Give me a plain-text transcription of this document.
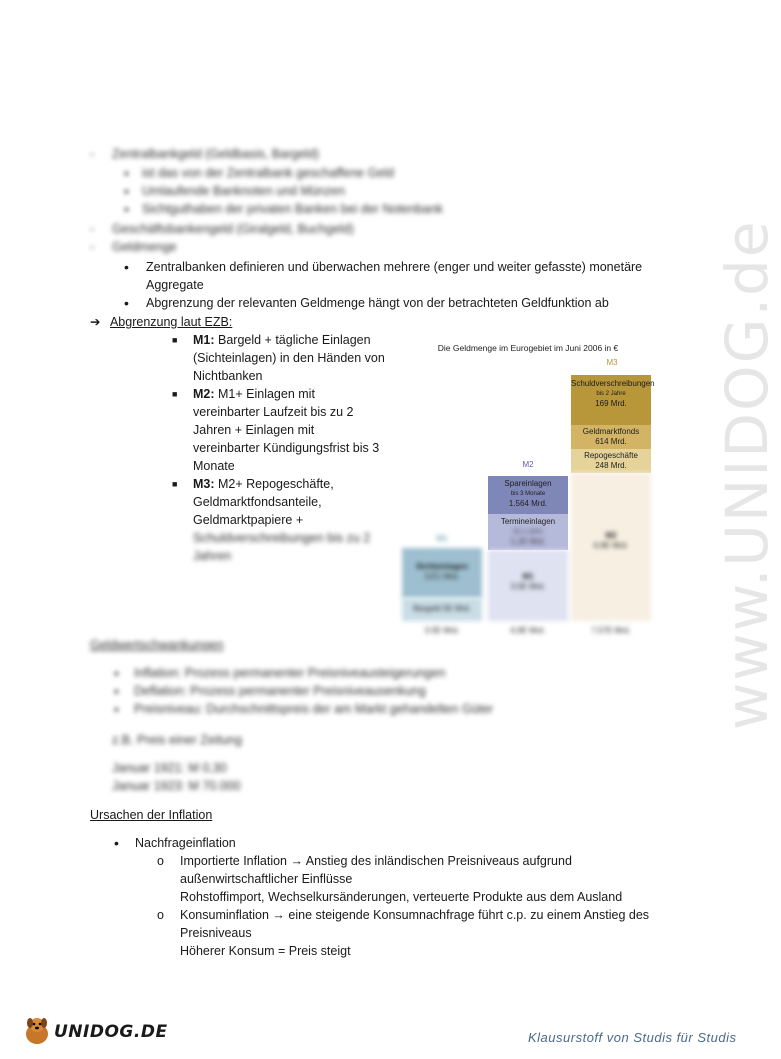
www.UNIDOG.de
- Zentralbankgeld (Geldbasis, Bargeld)
• ist das von der Zentralbank geschaffene Geld
• Umlaufende Banknoten und Münzen
• Sichtguthaben der privaten Banken bei der Notenbank
- Geschäftsbankengeld (Giralgeld, Buchgeld)
- Geldmenge
• Zentralbanken definieren und überwachen mehrere (enger und weiter gefasste) monetäre
Aggregate
• Abgrenzung der relevanten Geldmenge hängt von der betrachteten Geldfunktion ab
➔ Abgrenzung laut EZB:
■ M1: Bargeld + tägliche Einlagen
(Sichteinlagen) in den Händen von
Nichtbanken
■ M2: M1+ Einlagen mit
vereinbarter Laufzeit bis zu 2
Jahren + Einlagen mit
vereinbarter Kündigungsfrist bis 3
Monate
■ M3: M2+ Repogeschäfte,
Geldmarktfondsanteile,
Geldmarktpapiere +
Schuldverschreibungen bis zu 2
Jahren
Die Geldmenge im Eurogebiet im Juni 2006 in €
M3
Schuldverschreibungen
bis 2 Jahre
169 Mrd.
Geldmarktfonds
614 Mrd.
Repogeschäfte
248 Mrd.
M2
6,9E Mrd.
M2
Spareinlagen
bis 3 Monate
1.564 Mrd.
Termineinlagen
bis 2 Jahre
1,1E Mrd.
M1
3,5E Mrd.
M1
Sichteinlagen
3,E1 Mrd.
Bargeld 5E Mrd.
3.5E Mrd.	6,9E Mrd.	7,57E Mrd.
Geldwertschwankungen
• Inflation: Prozess permanenter Preisniveausteigerungen
• Deflation: Prozess permanenter Preisniveausenkung
• Preisniveau: Durchschnittspreis der am Markt gehandelten Güter
z.B. Preis einer Zeitung
Januar 1921: M 0,30
Januar 1923: M 70.000
Ursachen der Inflation
• Nachfrageinflation
o Importierte Inflation → Anstieg des inländischen Preisniveaus aufgrund
außenwirtschaftlicher Einflüsse
Rohstoffimport, Wechselkursänderungen, verteuerte Produkte aus dem Ausland
o Konsuminflation → eine steigende Konsumnachfrage führt c.p. zu einem Anstieg des
Preisniveaus
Höherer Konsum = Preis steigt
UNIDOG.DE	Klausurstoff von Studis für Studis
